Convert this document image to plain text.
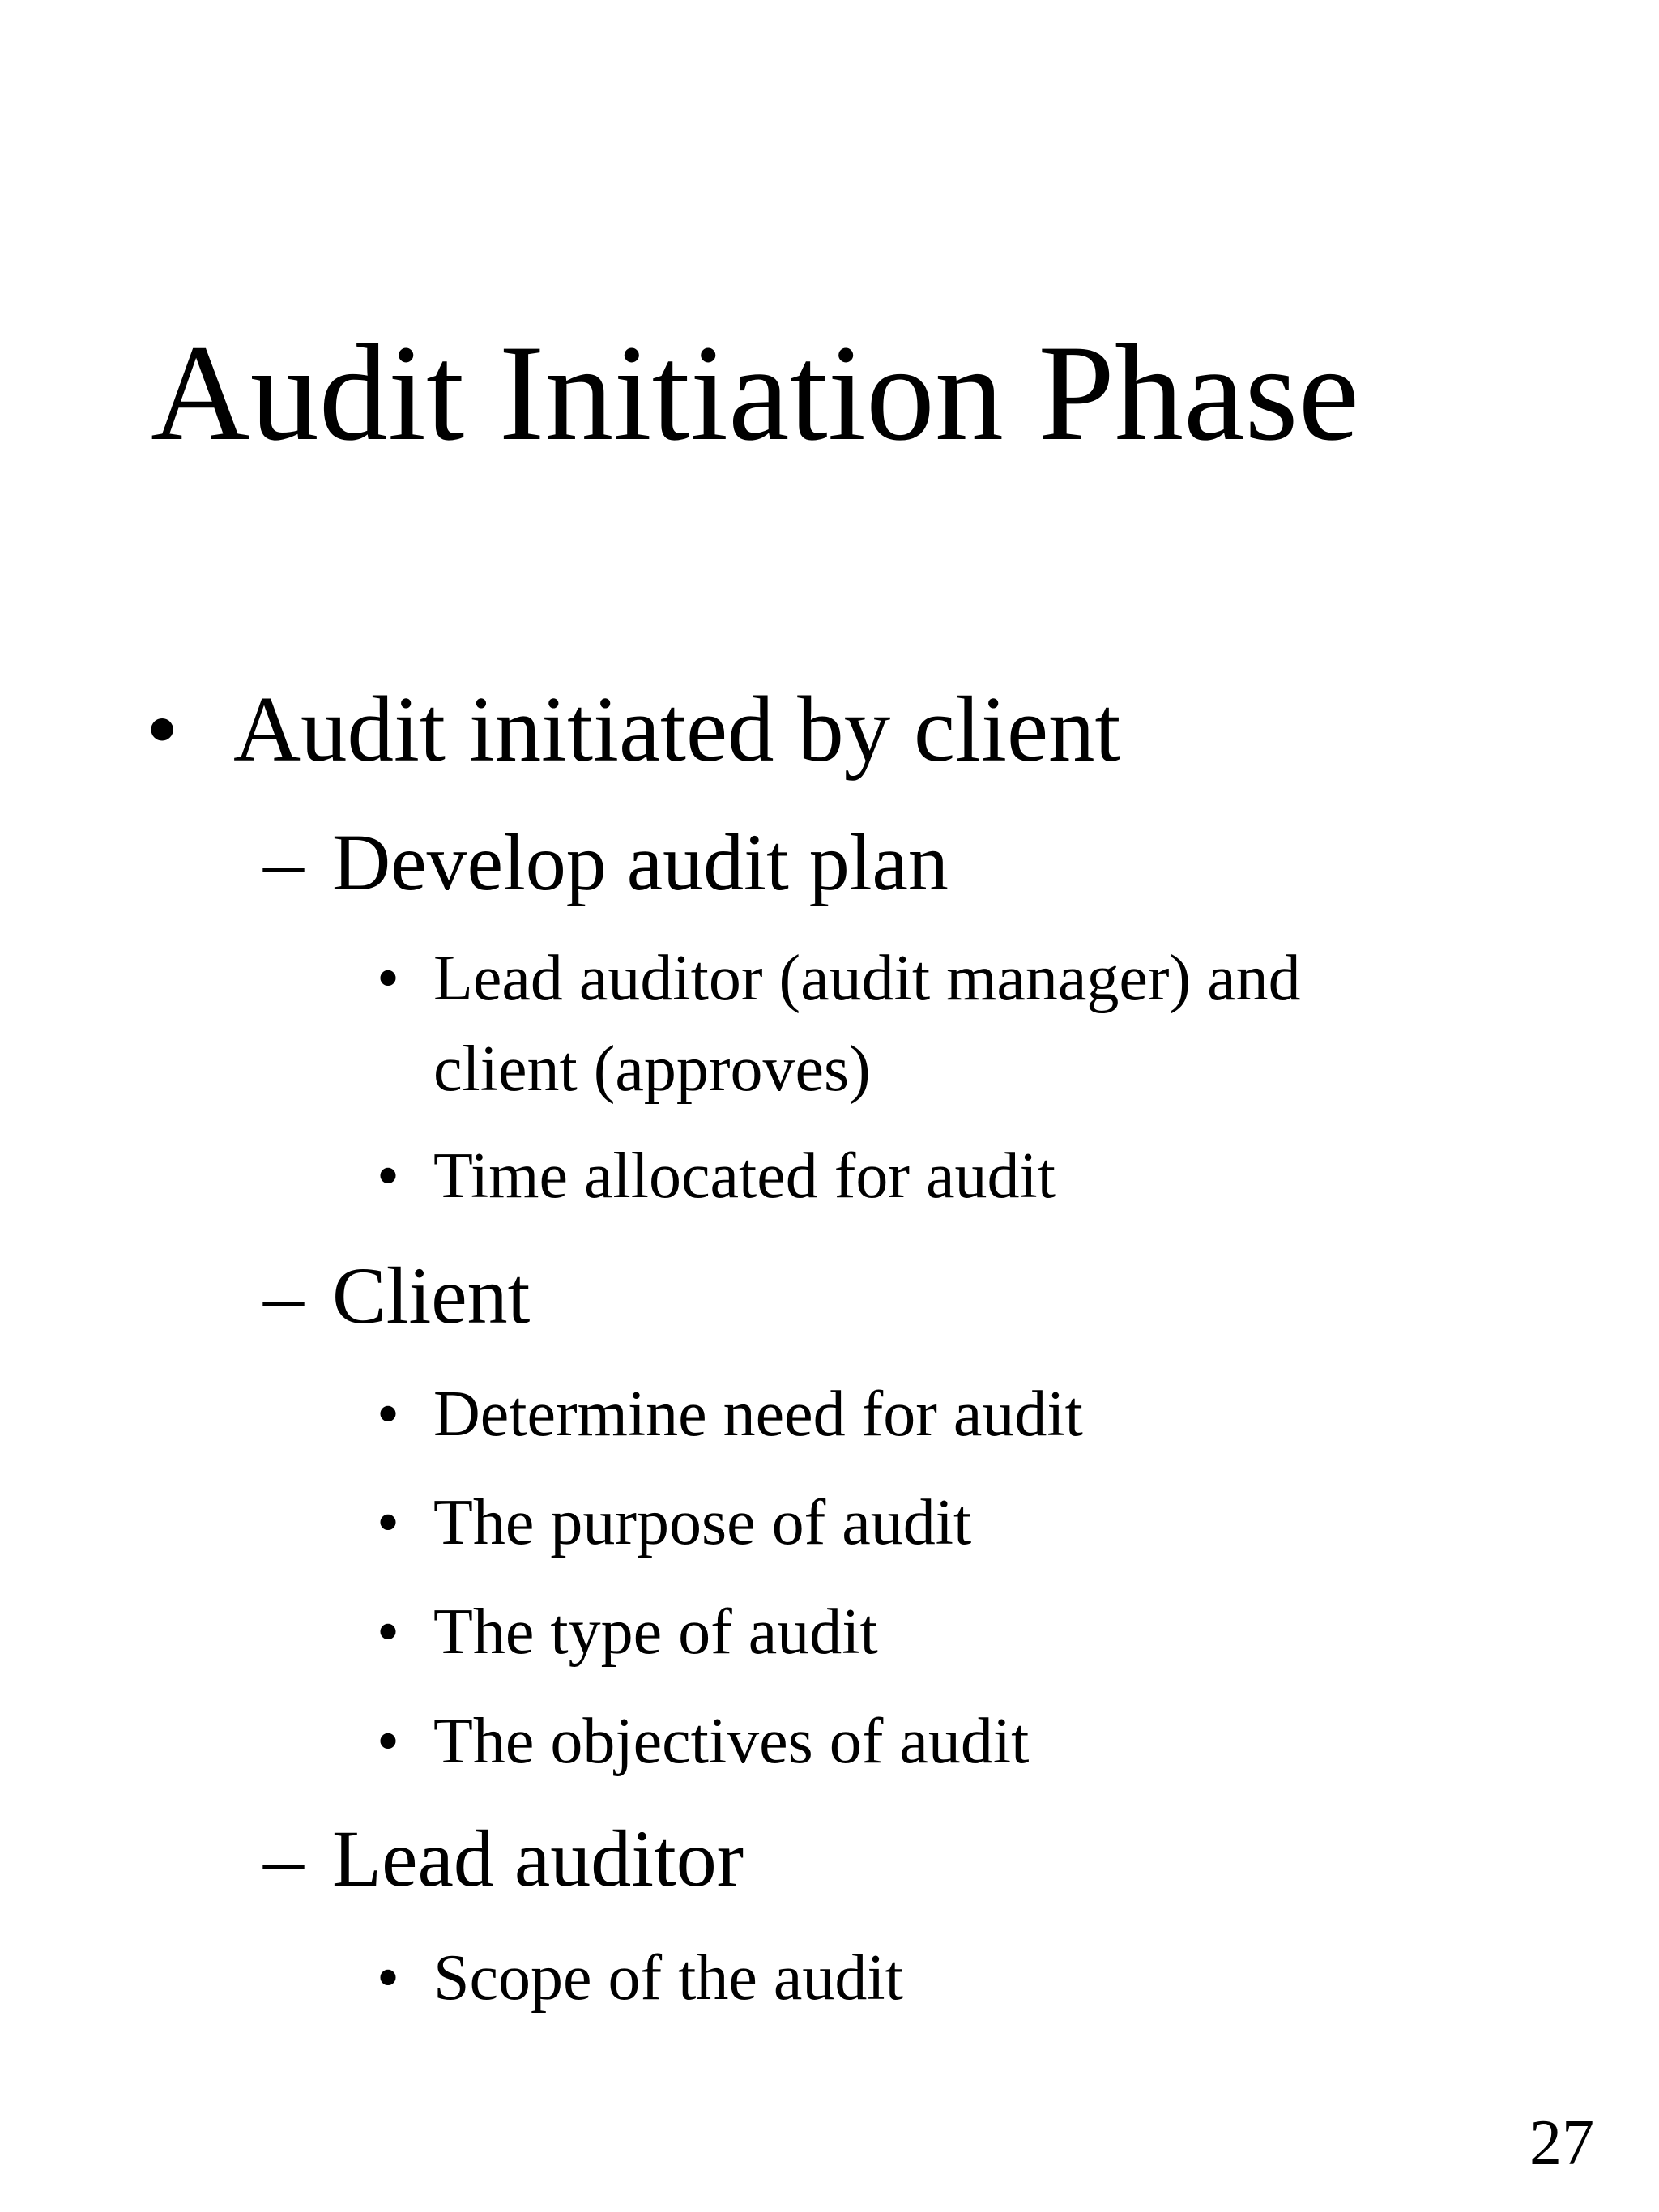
Audit Initiation Phase
• Audit initiated by client
– Develop audit plan
• Lead auditor (audit manager) and
client (approves)
• Time allocated for audit
– Client
• Determine need for audit
• The purpose of audit
• The type of audit
• The objectives of audit
– Lead auditor
• Scope of the audit
27
